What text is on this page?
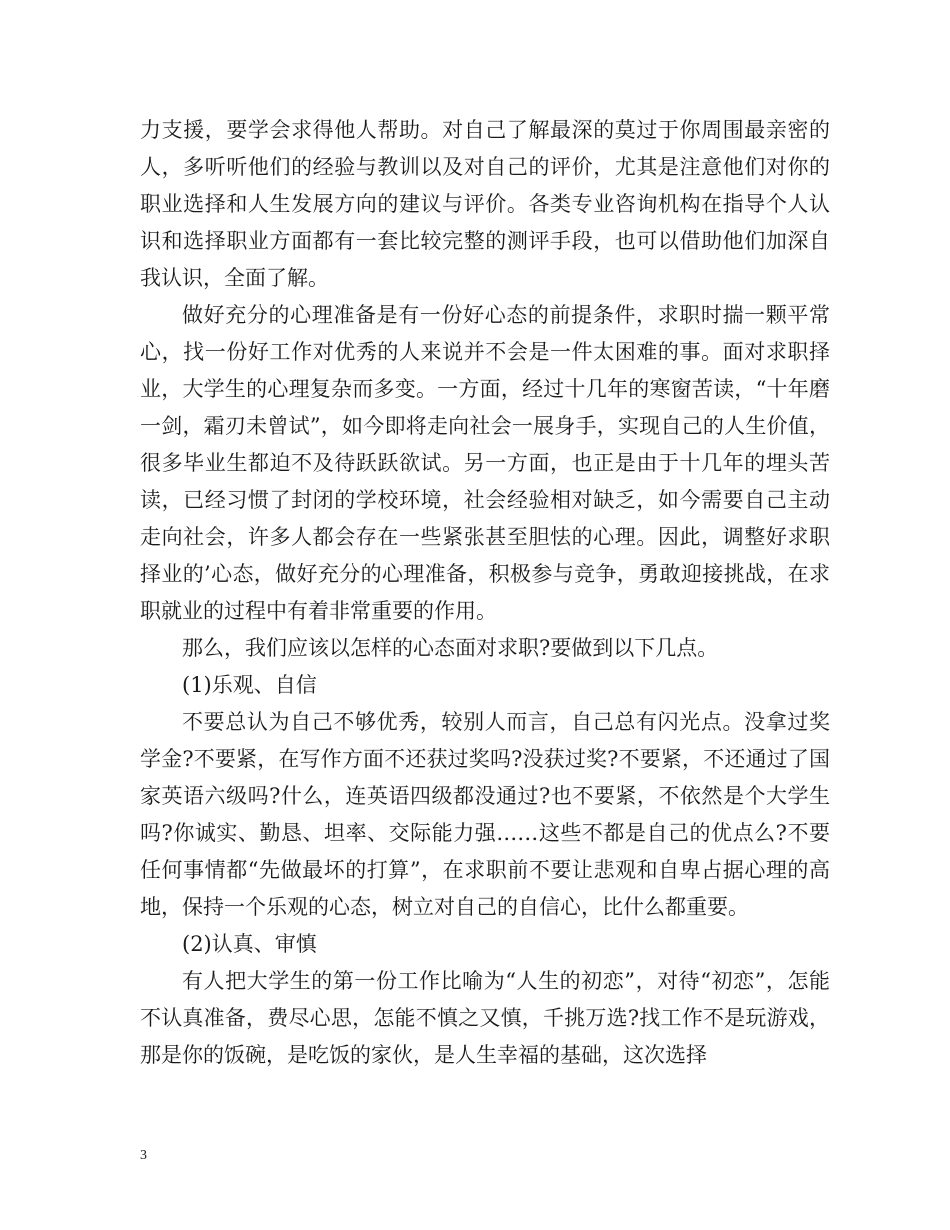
力支援，要学会求得他人帮助。对自己了解最深的莫过于你周围最亲密的人，多听听他们的经验与教训以及对自己的评价，尤其是注意他们对你的职业选择和人生发展方向的建议与评价。各类专业咨询机构在指导个人认识和选择职业方面都有一套比较完整的测评手段，也可以借助他们加深自我认识，全面了解。

做好充分的心理准备是有一份好心态的前提条件，求职时揣一颗平常心，找一份好工作对优秀的人来说并不会是一件太困难的事。面对求职择业，大学生的心理复杂而多变。一方面，经过十几年的寒窗苦读，“十年磨一剑，霜刃未曾试”，如今即将走向社会一展身手，实现自己的人生价值，很多毕业生都迫不及待跃跃欲试。另一方面，也正是由于十几年的埋头苦读，已经习惯了封闭的学校环境，社会经验相对缺乏，如今需要自己主动走向社会，许多人都会存在一些紧张甚至胆怯的心理。因此，调整好求职择业的’心态，做好充分的心理准备，积极参与竞争，勇敢迎接挑战，在求职就业的过程中有着非常重要的作用。

那么，我们应该以怎样的心态面对求职?要做到以下几点。

(1)乐观、自信

不要总认为自己不够优秀，较别人而言，自己总有闪光点。没拿过奖学金?不要紧，在写作方面不还获过奖吗?没获过奖?不要紧，不还通过了国家英语六级吗?什么，连英语四级都没通过?也不要紧，不依然是个大学生吗?你诚实、勤恳、坦率、交际能力强……这些不都是自己的优点么?不要任何事情都“先做最坏的打算”，在求职前不要让悲观和自卑占据心理的高地，保持一个乐观的心态，树立对自己的自信心，比什么都重要。

(2)认真、审慎

有人把大学生的第一份工作比喻为“人生的初恋”，对待“初恋”，怎能不认真准备，费尽心思，怎能不慎之又慎，千挑万选?找工作不是玩游戏，那是你的饭碗，是吃饭的家伙，是人生幸福的基础，这次选择

3
